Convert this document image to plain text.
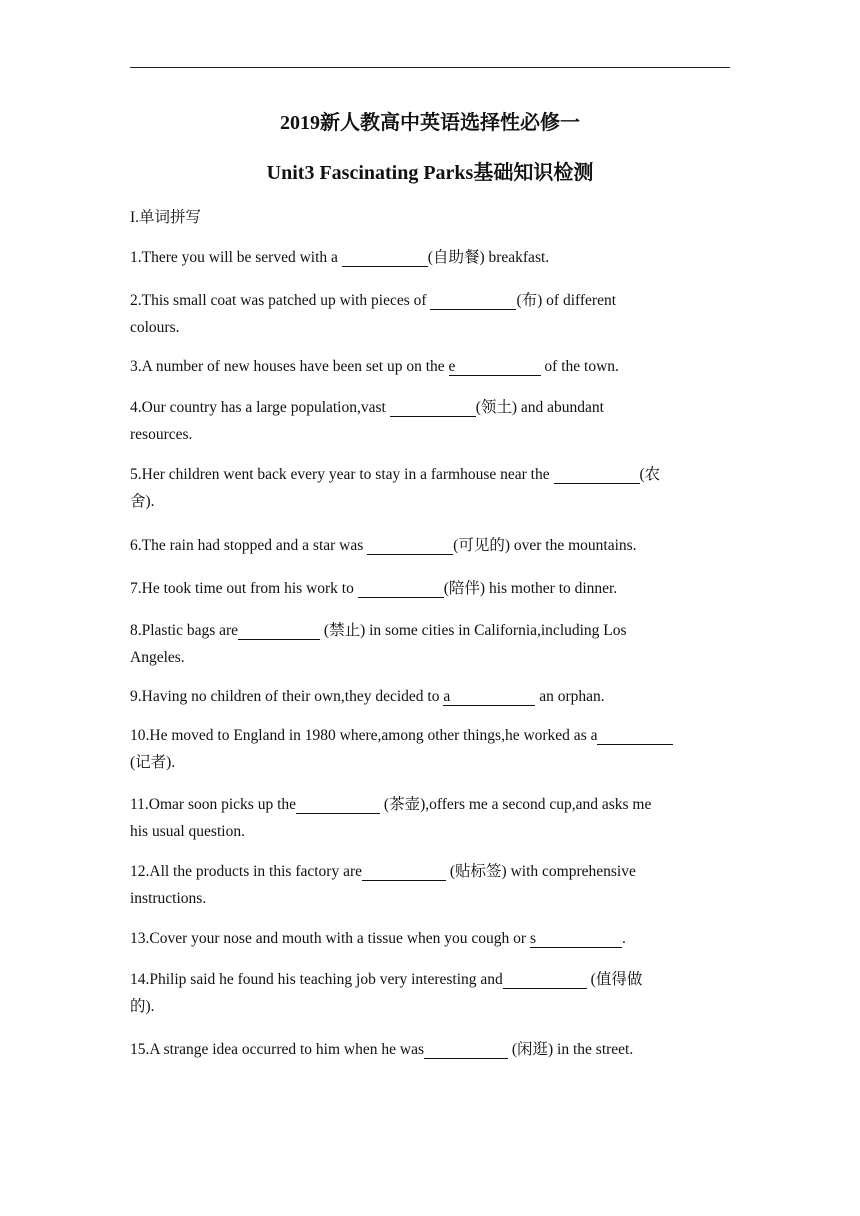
2019新人教高中英语选择性必修一
Unit3 Fascinating Parks基础知识检测
I.单词拼写
1.There you will be served with a	(自助餐) breakfast.
2.This small coat was patched up with pieces of	(布) of different
colours.
3.A number of new houses have been set up on the e	of the town.
4.Our country has a large population,vast	(领土) and abundant
resources.
5.Her children went back every year to stay in a farmhouse near the	(农
舍).
6.The rain had stopped and a star was	(可见的) over the mountains.
7.He took time out from his work to	(陪伴) his mother to dinner.
8.Plastic bags are	(禁止) in some cities in California,including Los
Angeles.
9.Having no children of their own,they decided to a	an orphan.
10.He moved to England in 1980 where,among other things,he worked as a
(记者).
11.Omar soon picks up the	(茶壶),offers me a second cup,and asks me
his usual question.
12.All the products in this factory are	(贴标签) with comprehensive
instructions.
13.Cover your nose and mouth with a tissue when you cough or s	.
14.Philip said he found his teaching job very interesting and	(值得做
的).
15.A strange idea occurred to him when he was	(闲逛) in the street.
